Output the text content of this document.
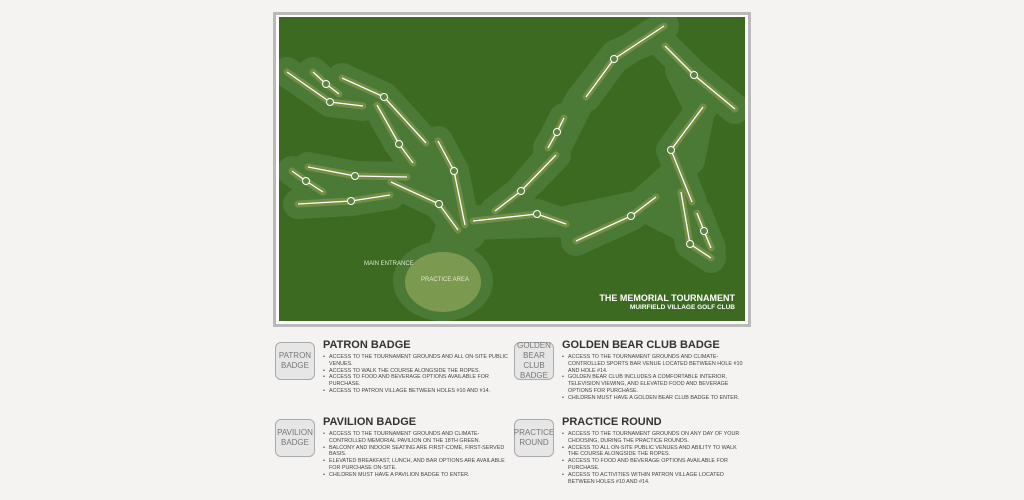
MAIN ENTRANCE
PRACTICE AREA
THE MEMORIAL TOURNAMENT
MUIRFIELD VILLAGE GOLF CLUB
PATRON BADGE
PATRON BADGE
• ACCESS TO THE TOURNAMENT GROUNDS AND ALL ON-SITE PUBLIC VENUES.
• ACCESS TO WALK THE COURSE ALONGSIDE THE ROPES.
• ACCESS TO FOOD AND BEVERAGE OPTIONS AVAILABLE FOR PURCHASE.
• ACCESS TO PATRON VILLAGE BETWEEN HOLES #10 AND #14.
GOLDEN BEAR CLUB BADGE
GOLDEN BEAR CLUB BADGE
• ACCESS TO THE TOURNAMENT GROUNDS AND CLIMATE-CONTROLLED SPORTS BAR VENUE LOCATED BETWEEN HOLE #10 AND HOLE #14.
• GOLDEN BEAR CLUB INCLUDES A COMFORTABLE INTERIOR, TELEVISION VIEWING, AND ELEVATED FOOD AND BEVERAGE OPTIONS FOR PURCHASE.
• CHILDREN MUST HAVE A GOLDEN BEAR CLUB BADGE TO ENTER.
PAVILION BADGE
PAVILION BADGE
• ACCESS TO THE TOURNAMENT GROUNDS AND CLIMATE-CONTROLLED MEMORIAL PAVILION ON THE 18TH GREEN.
• BALCONY AND INDOOR SEATING ARE FIRST-COME, FIRST-SERVED BASIS.
• ELEVATED BREAKFAST, LUNCH, AND BAR OPTIONS ARE AVAILABLE FOR PURCHASE ON-SITE.
• CHILDREN MUST HAVE A PAVILION BADGE TO ENTER.
PRACTICE ROUND
PRACTICE ROUND
• ACCESS TO THE TOURNAMENT GROUNDS ON ANY DAY OF YOUR CHOOSING, DURING THE PRACTICE ROUNDS.
• ACCESS TO ALL ON-SITE PUBLIC VENUES AND ABILITY TO WALK THE COURSE ALONGSIDE THE ROPES.
• ACCESS TO FOOD AND BEVERAGE OPTIONS AVAILABLE FOR PURCHASE.
• ACCESS TO ACTIVITIES WITHIN PATRON VILLAGE LOCATED BETWEEN HOLES #10 AND #14.
